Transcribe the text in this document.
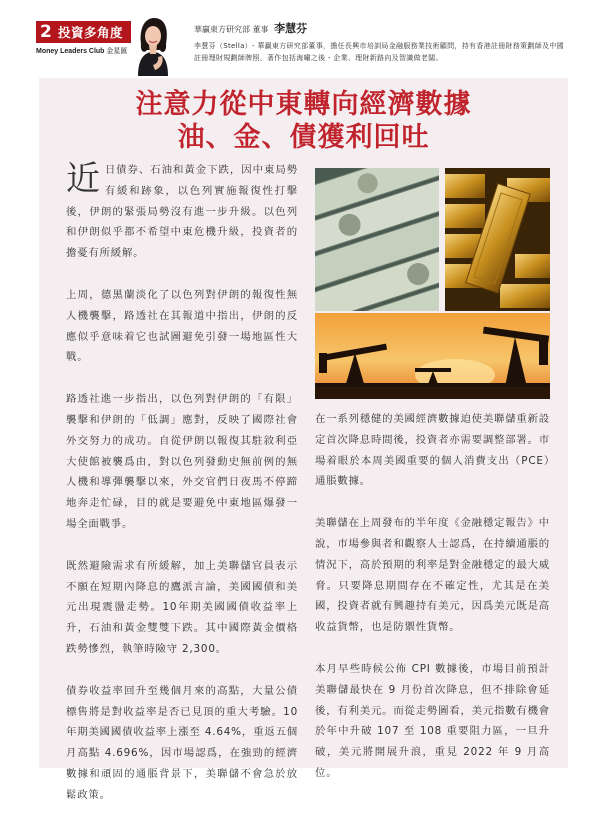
2 投資多角度
Money Leaders Club 金星匯
華贏東方研究部 董事 李慧芬
李慧芬（Stella）- 華贏東方研究部董事，擔任長興市培訓局金融服務業技術顧問，持有香港註冊財務策劃師及中國註冊理財規劃師牌照，著作包括海嘯之後 - 企業、理財新路向及智識做老闆。
注意力從中東轉向經濟數據
油、金、債獲利回吐

近日債券、石油和黃金下跌，因中東局勢有緩和跡象，以色列實施報復性打擊後，伊朗的緊張局勢沒有進一步升級。以色列和伊朗似乎都不希望中東危機升級，投資者的擔憂有所緩解。

上周，德黑蘭淡化了以色列對伊朗的報復性無人機襲擊，路透社在其報道中指出，伊朗的反應似乎意味着它也試圖避免引發一場地區性大戰。

路透社進一步指出，以色列對伊朗的「有限」襲擊和伊朗的「低調」應對，反映了國際社會外交努力的成功。自從伊朗以報復其駐敘利亞大使館被襲爲由，對以色列發動史無前例的無人機和導彈襲擊以來，外交官們日夜馬不停蹄地奔走忙碌，目的就是要避免中東地區爆發一場全面戰爭。

既然避險需求有所緩解，加上美聯儲官員表示不願在短期內降息的鷹派言論，美國國債和美元出現震盪走勢。10年期美國國債收益率上升，石油和黃金雙雙下跌。其中國際黃金價格跌勢慘烈，執筆時險守 2,300。

債券收益率回升至幾個月來的高點，大量公債標售將是對收益率是否已見頂的重大考驗。10 年期美國國債收益率上漲至 4.64%，重返五個月高點 4.696%，因市場認爲，在強勁的經濟數據和頑固的通脹背景下，美聯儲不會急於放鬆政策。

在一系列穩健的美國經濟數據迫使美聯儲重新設定首次降息時間後，投資者亦需要調整部署。市場着眼於本周美國重要的個人消費支出（PCE）通脹數據。

美聯儲在上周發布的半年度《金融穩定報告》中說，市場參與者和觀察人士認爲，在持續通脹的情況下，高於預期的利率是對金融穩定的最大威脅。只要降息期間存在不確定性，尤其是在美國，投資者就有興趣持有美元，因爲美元既是高收益貨幣，也是防禦性貨幣。

本月早些時候公佈 CPI 數據後，市場目前預計美聯儲最快在 9 月份首次降息，但不排除會延後，有利美元。而從走勢圖看，美元指數有機會於年中升破 107 至 108 重要阻力區，一旦升破，美元將開展升浪，重見 2022 年 9 月高位。
